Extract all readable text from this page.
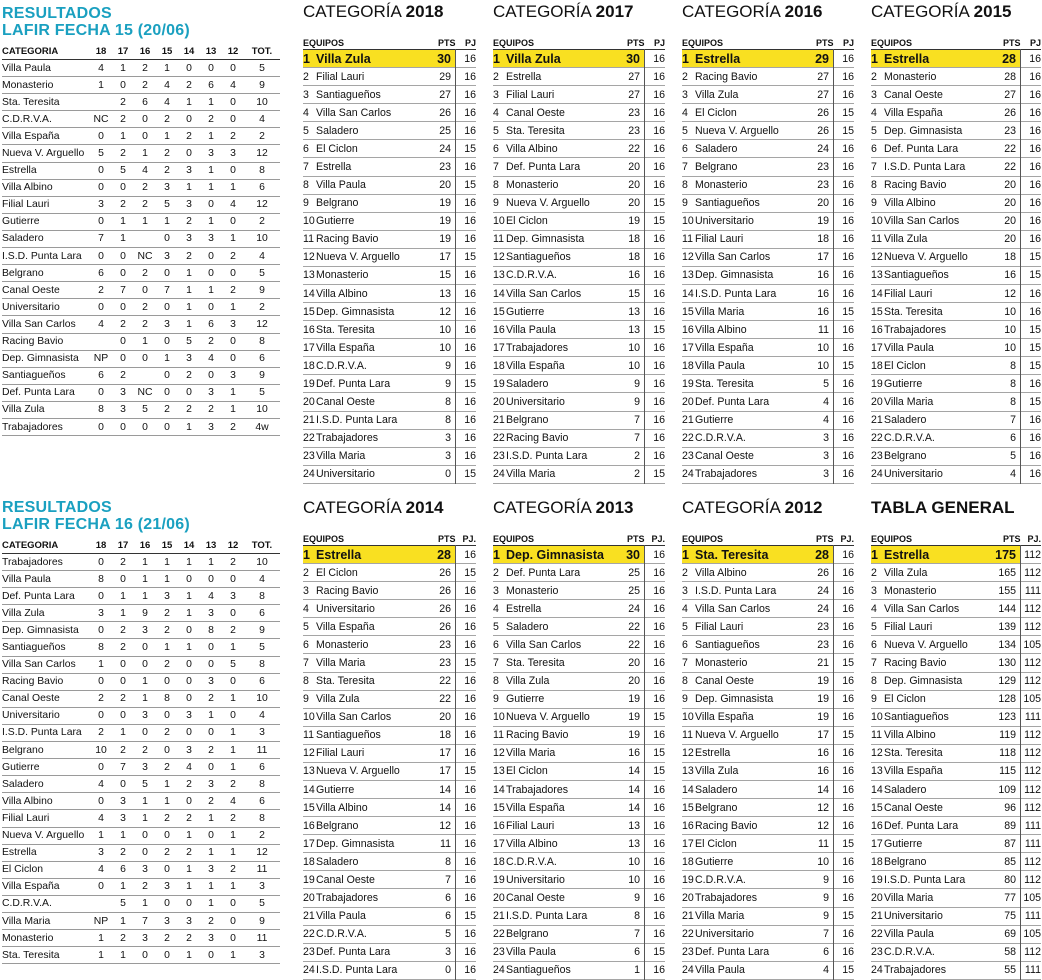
RESULTADOS
LAFIR FECHA 15 (20/06)
CATEGORIA	18	17	16	15	14	13	12	TOT.
Villa Paula	4	1	2	1	0	0	0	5
Monasterio	1	0	2	4	2	6	4	9
Sta. Teresita		2	6	4	1	1	0	10
C.D.R.V.A.	NC	2	0	2	0	2	0	4
Villa España	0	1	0	1	2	1	2	2
Nueva V. Arguello	5	2	1	2	0	3	3	12
Estrella	0	5	4	2	3	1	0	8
Villa Albino	0	0	2	3	1	1	1	6
Filial Lauri	3	2	2	5	3	0	4	12
Gutierre	0	1	1	1	2	1	0	2
Saladero	7	1		0	3	3	1	10
I.S.D. Punta Lara	0	0	NC	3	2	0	2	4
Belgrano	6	0	2	0	1	0	0	5
Canal Oeste	2	7	0	7	1	1	2	9
Universitario	0	0	2	0	1	0	1	2
Villa San Carlos	4	2	2	3	1	6	3	12
Racing Bavio		0	1	0	5	2	0	8
Dep. Gimnasista	NP	0	0	1	3	4	0	6
Santiagueños	6	2		0	2	0	3	9
Def. Punta Lara	0	3	NC	0	0	3	1	5
Villa Zula	8	3	5	2	2	2	1	10
Trabajadores	0	0	0	0	1	3	2	4w
RESULTADOS
LAFIR FECHA 16 (21/06)
CATEGORIA	18	17	16	15	14	13	12	TOT.
Trabajadores	0	2	1	1	1	1	2	10
Villa Paula	8	0	1	1	0	0	0	4
Def. Punta Lara	0	1	1	3	1	4	3	8
Villa Zula	3	1	9	2	1	3	0	6
Dep. Gimnasista	0	2	3	2	0	8	2	9
Santiagueños	8	2	0	1	1	0	1	5
Villa San Carlos	1	0	0	2	0	0	5	8
Racing Bavio	0	0	1	0	0	3	0	6
Canal Oeste	2	2	1	8	0	2	1	10
Universitario	0	0	3	0	3	1	0	4
I.S.D. Punta Lara	2	1	0	2	0	0	1	3
Belgrano	10	2	2	0	3	2	1	11
Gutierre	0	7	3	2	4	0	1	6
Saladero	4	0	5	1	2	3	2	8
Villa Albino	0	3	1	1	0	2	4	6
Filial Lauri	4	3	1	2	2	1	2	8
Nueva V. Arguello	1	1	0	0	1	0	1	2
Estrella	3	2	0	2	2	1	1	12
El Ciclon	4	6	3	0	1	3	2	11
Villa España	0	1	2	3	1	1	1	3
C.D.R.V.A.		5	1	0	0	1	0	5
Villa Maria	NP	1	7	3	3	2	0	9
Monasterio	1	2	3	2	2	3	0	11
Sta. Teresita	1	1	0	0	1	0	1	3
CATEGORÍA 2018
EQUIPOS		PTS	PJ
1	Villa Zula	30	16
2	Filial Lauri	29	16
3	Santiagueños	27	16
4	Villa San Carlos	26	16
5	Saladero	25	16
6	El Ciclon	24	15
7	Estrella	23	16
8	Villa Paula	20	15
9	Belgrano	19	16
10	Gutierre	19	16
11	Racing Bavio	19	16
12	Nueva V. Arguello	17	15
13	Monasterio	15	16
14	Villa Albino	13	16
15	Dep. Gimnasista	12	16
16	Sta. Teresita	10	16
17	Villa España	10	16
18	C.D.R.V.A.	9	16
19	Def. Punta Lara	9	15
20	Canal Oeste	8	16
21	I.S.D. Punta Lara	8	16
22	Trabajadores	3	16
23	Villa Maria	3	16
24	Universitario	0	15
CATEGORÍA 2017
EQUIPOS		PTS	PJ
1	Villa Zula	30	16
2	Estrella	27	16
3	Filial Lauri	27	16
4	Canal Oeste	23	16
5	Sta. Teresita	23	16
6	Villa Albino	22	16
7	Def. Punta Lara	20	16
8	Monasterio	20	16
9	Nueva V. Arguello	20	15
10	El Ciclon	19	15
11	Dep. Gimnasista	18	16
12	Santiagueños	18	16
13	C.D.R.V.A.	16	16
14	Villa San Carlos	15	16
15	Gutierre	13	16
16	Villa Paula	13	15
17	Trabajadores	10	16
18	Villa España	10	16
19	Saladero	9	16
20	Universitario	9	16
21	Belgrano	7	16
22	Racing Bavio	7	16
23	I.S.D. Punta Lara	2	16
24	Villa Maria	2	15
CATEGORÍA 2016
EQUIPOS		PTS	PJ
1	Estrella	29	16
2	Racing Bavio	27	16
3	Villa Zula	27	16
4	El Ciclon	26	15
5	Nueva V. Arguello	26	15
6	Saladero	24	16
7	Belgrano	23	16
8	Monasterio	23	16
9	Santiagueños	20	16
10	Universitario	19	16
11	Filial Lauri	18	16
12	Villa San Carlos	17	16
13	Dep. Gimnasista	16	16
14	I.S.D. Punta Lara	16	16
15	Villa Maria	16	15
16	Villa Albino	11	16
17	Villa España	10	16
18	Villa Paula	10	15
19	Sta. Teresita	5	16
20	Def. Punta Lara	4	16
21	Gutierre	4	16
22	C.D.R.V.A.	3	16
23	Canal Oeste	3	16
24	Trabajadores	3	16
CATEGORÍA 2015
EQUIPOS		PTS	PJ
1	Estrella	28	16
2	Monasterio	28	16
3	Canal Oeste	27	16
4	Villa España	26	16
5	Dep. Gimnasista	23	16
6	Def. Punta Lara	22	16
7	I.S.D. Punta Lara	22	16
8	Racing Bavio	20	16
9	Villa Albino	20	16
10	Villa San Carlos	20	16
11	Villa Zula	20	16
12	Nueva V. Arguello	18	15
13	Santiagueños	16	15
14	Filial Lauri	12	16
15	Sta. Teresita	10	16
16	Trabajadores	10	15
17	Villa Paula	10	15
18	El Ciclon	8	15
19	Gutierre	8	16
20	Villa Maria	8	15
21	Saladero	7	16
22	C.D.R.V.A.	6	16
23	Belgrano	5	16
24	Universitario	4	16
CATEGORÍA 2014
EQUIPOS		PTS	PJ.
1	Estrella	28	16
2	El Ciclon	26	15
3	Racing Bavio	26	16
4	Universitario	26	16
5	Villa España	26	16
6	Monasterio	23	16
7	Villa Maria	23	15
8	Sta. Teresita	22	16
9	Villa Zula	22	16
10	Villa San Carlos	20	16
11	Santiagueños	18	16
12	Filial Lauri	17	16
13	Nueva V. Arguello	17	15
14	Gutierre	14	16
15	Villa Albino	14	16
16	Belgrano	12	16
17	Dep. Gimnasista	11	16
18	Saladero	8	16
19	Canal Oeste	7	16
20	Trabajadores	6	16
21	Villa Paula	6	15
22	C.D.R.V.A.	5	16
23	Def. Punta Lara	3	16
24	I.S.D. Punta Lara	0	16
CATEGORÍA 2013
EQUIPOS		PTS	PJ.
1	Dep. Gimnasista	30	16
2	Def. Punta Lara	25	16
3	Monasterio	25	16
4	Estrella	24	16
5	Saladero	22	16
6	Villa San Carlos	22	16
7	Sta. Teresita	20	16
8	Villa Zula	20	16
9	Gutierre	19	16
10	Nueva V. Arguello	19	15
11	Racing Bavio	19	16
12	Villa Maria	16	15
13	El Ciclon	14	15
14	Trabajadores	14	16
15	Villa España	14	16
16	Filial Lauri	13	16
17	Villa Albino	13	16
18	C.D.R.V.A.	10	16
19	Universitario	10	16
20	Canal Oeste	9	16
21	I.S.D. Punta Lara	8	16
22	Belgrano	7	16
23	Villa Paula	6	15
24	Santiagueños	1	16
CATEGORÍA 2012
EQUIPOS		PTS	PJ.
1	Sta. Teresita	28	16
2	Villa Albino	26	16
3	I.S.D. Punta Lara	24	16
4	Villa San Carlos	24	16
5	Filial Lauri	23	16
6	Santiagueños	23	16
7	Monasterio	21	15
8	Canal Oeste	19	16
9	Dep. Gimnasista	19	16
10	Villa España	19	16
11	Nueva V. Arguello	17	15
12	Estrella	16	16
13	Villa Zula	16	16
14	Saladero	14	16
15	Belgrano	12	16
16	Racing Bavio	12	16
17	El Ciclon	11	15
18	Gutierre	10	16
19	C.D.R.V.A.	9	16
20	Trabajadores	9	16
21	Villa Maria	9	15
22	Universitario	7	16
23	Def. Punta Lara	6	16
24	Villa Paula	4	15
TABLA GENERAL
EQUIPOS		PTS	PJ.
1	Estrella	175	112
2	Villa Zula	165	112
3	Monasterio	155	111
4	Villa San Carlos	144	112
5	Filial Lauri	139	112
6	Nueva V. Arguello	134	105
7	Racing Bavio	130	112
8	Dep. Gimnasista	129	112
9	El Ciclon	128	105
10	Santiagueños	123	111
11	Villa Albino	119	112
12	Sta. Teresita	118	112
13	Villa España	115	112
14	Saladero	109	112
15	Canal Oeste	96	112
16	Def. Punta Lara	89	111
17	Gutierre	87	111
18	Belgrano	85	112
19	I.S.D. Punta Lara	80	112
20	Villa Maria	77	105
21	Universitario	75	111
22	Villa Paula	69	105
23	C.D.R.V.A.	58	112
24	Trabajadores	55	111
